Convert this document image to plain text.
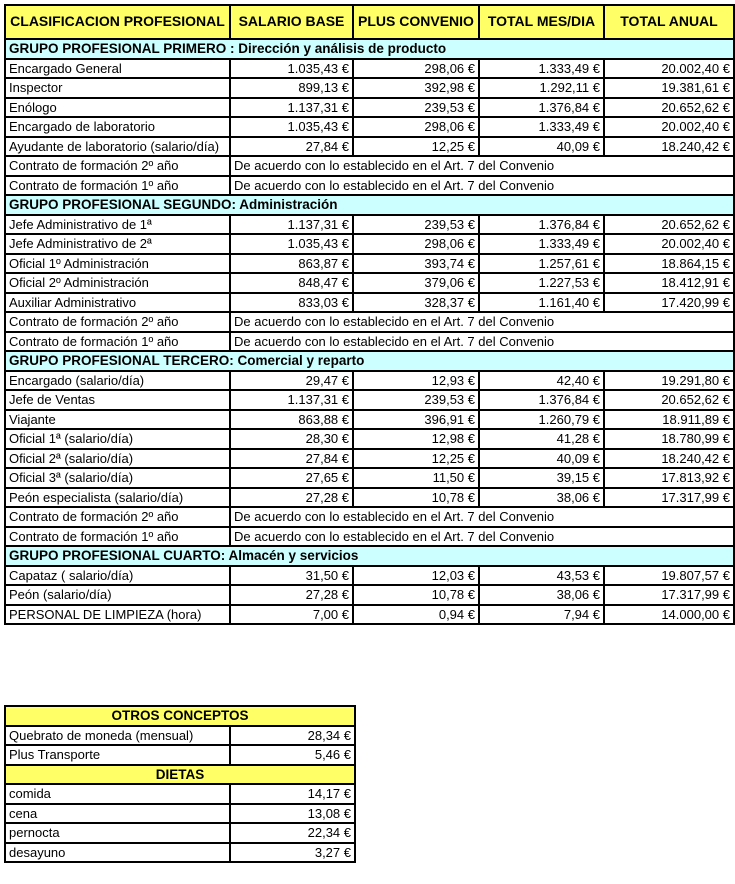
CLASIFICACION PROFESIONAL	SALARIO BASE	PLUS CONVENIO	TOTAL MES/DIA	TOTAL ANUAL
GRUPO PROFESIONAL PRIMERO : Dirección y análisis de producto				
Encargado General	1.035,43 €	298,06 €	1.333,49 €	20.002,40 €
Inspector	899,13 €	392,98 €	1.292,11 €	19.381,61 €
Enólogo	1.137,31 €	239,53 €	1.376,84 €	20.652,62 €
Encargado de laboratorio	1.035,43 €	298,06 €	1.333,49 €	20.002,40 €
Ayudante de laboratorio (salario/día)	27,84 €	12,25 €	40,09 €	18.240,42 €
Contrato de formación 2º año	De acuerdo con lo establecido en el Art. 7 del Convenio			
Contrato de formación 1º año	De acuerdo con lo establecido en el Art. 7 del Convenio			
GRUPO PROFESIONAL SEGUNDO: Administración				
Jefe Administrativo de 1ª	1.137,31 €	239,53 €	1.376,84 €	20.652,62 €
Jefe Administrativo de 2ª	1.035,43 €	298,06 €	1.333,49 €	20.002,40 €
Oficial 1º Administración	863,87 €	393,74 €	1.257,61 €	18.864,15 €
Oficial 2º Administración	848,47 €	379,06 €	1.227,53 €	18.412,91 €
Auxiliar Administrativo	833,03 €	328,37 €	1.161,40 €	17.420,99 €
Contrato de formación 2º año	De acuerdo con lo establecido en el Art. 7 del Convenio			
Contrato de formación 1º año	De acuerdo con lo establecido en el Art. 7 del Convenio			
GRUPO PROFESIONAL TERCERO: Comercial y reparto				
Encargado (salario/día)	29,47 €	12,93 €	42,40 €	19.291,80 €
Jefe de Ventas	1.137,31 €	239,53 €	1.376,84 €	20.652,62 €
Viajante	863,88 €	396,91 €	1.260,79 €	18.911,89 €
Oficial 1ª (salario/día)	28,30 €	12,98 €	41,28 €	18.780,99 €
Oficial 2ª (salario/día)	27,84 €	12,25 €	40,09 €	18.240,42 €
Oficial 3ª (salario/día)	27,65 €	11,50 €	39,15 €	17.813,92 €
Peón especialista (salario/día)	27,28 €	10,78 €	38,06 €	17.317,99 €
Contrato de formación 2º año	De acuerdo con lo establecido en el Art. 7 del Convenio			
Contrato de formación 1º año	De acuerdo con lo establecido en el Art. 7 del Convenio			
GRUPO PROFESIONAL CUARTO: Almacén y servicios				
Capataz ( salario/día)	31,50 €	12,03 €	43,53 €	19.807,57 €
Peón (salario/día)	27,28 €	10,78 €	38,06 €	17.317,99 €
PERSONAL DE LIMPIEZA (hora)	7,00 €	0,94 €	7,94 €	14.000,00 €
OTROS CONCEPTOS	
Quebrato de moneda (mensual)	28,34 €
Plus Transporte	5,46 €
DIETAS	
comida	14,17 €
cena	13,08 €
pernocta	22,34 €
desayuno	3,27 €
